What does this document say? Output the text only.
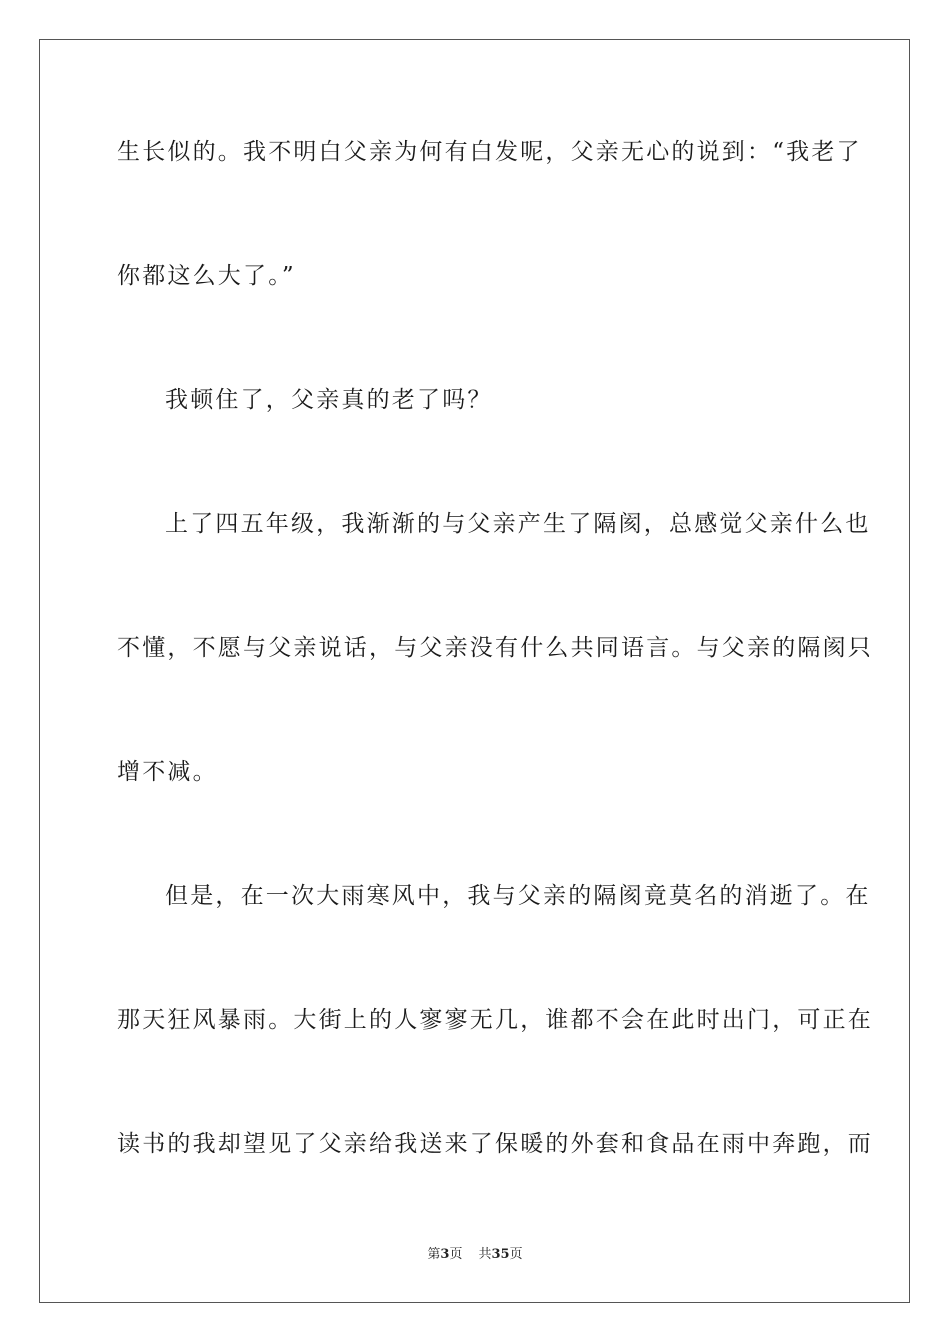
生长似的。我不明白父亲为何有白发呢，父亲无心的说到：“我老了
你都这么大了。”
我顿住了，父亲真的老了吗？
上了四五年级，我渐渐的与父亲产生了隔阂，总感觉父亲什么也
不懂，不愿与父亲说话，与父亲没有什么共同语言。与父亲的隔阂只
增不减。
但是，在一次大雨寒风中，我与父亲的隔阂竟莫名的消逝了。在
那天狂风暴雨。大街上的人寥寥无几，谁都不会在此时出门，可正在
读书的我却望见了父亲给我送来了保暖的外套和食品在雨中奔跑，而
第3页 共35页
